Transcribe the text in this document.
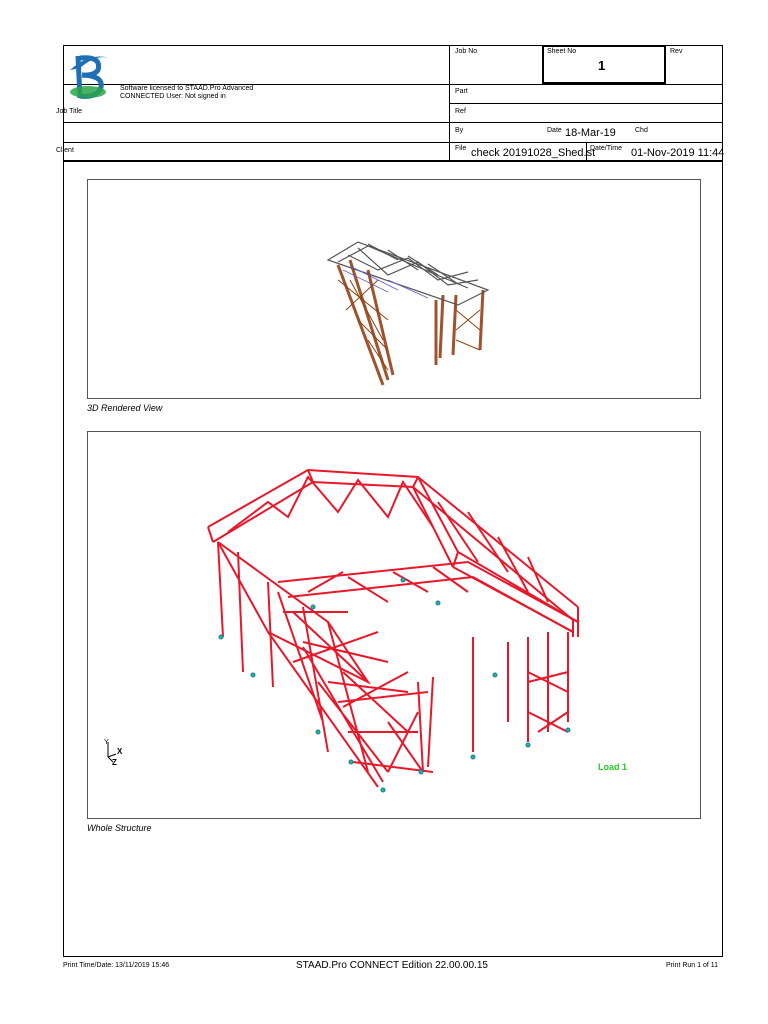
Software licensed to STAAD.Pro Advanced
CONNECTED User: Not signed in
Job No	Sheet No
1
Rev
Part
Job Title	Ref
By	Date 18-Mar-19	Chd
Client	File check 20191028_Shed.st
Date/Time 01-Nov-2019 11:44
3D Rendered View
Y
X
Z	Load 1
Whole Structure
Print Time/Date: 13/11/2019 15:46	STAAD.Pro CONNECT Edition 22.00.00.15	Print Run 1 of 11
